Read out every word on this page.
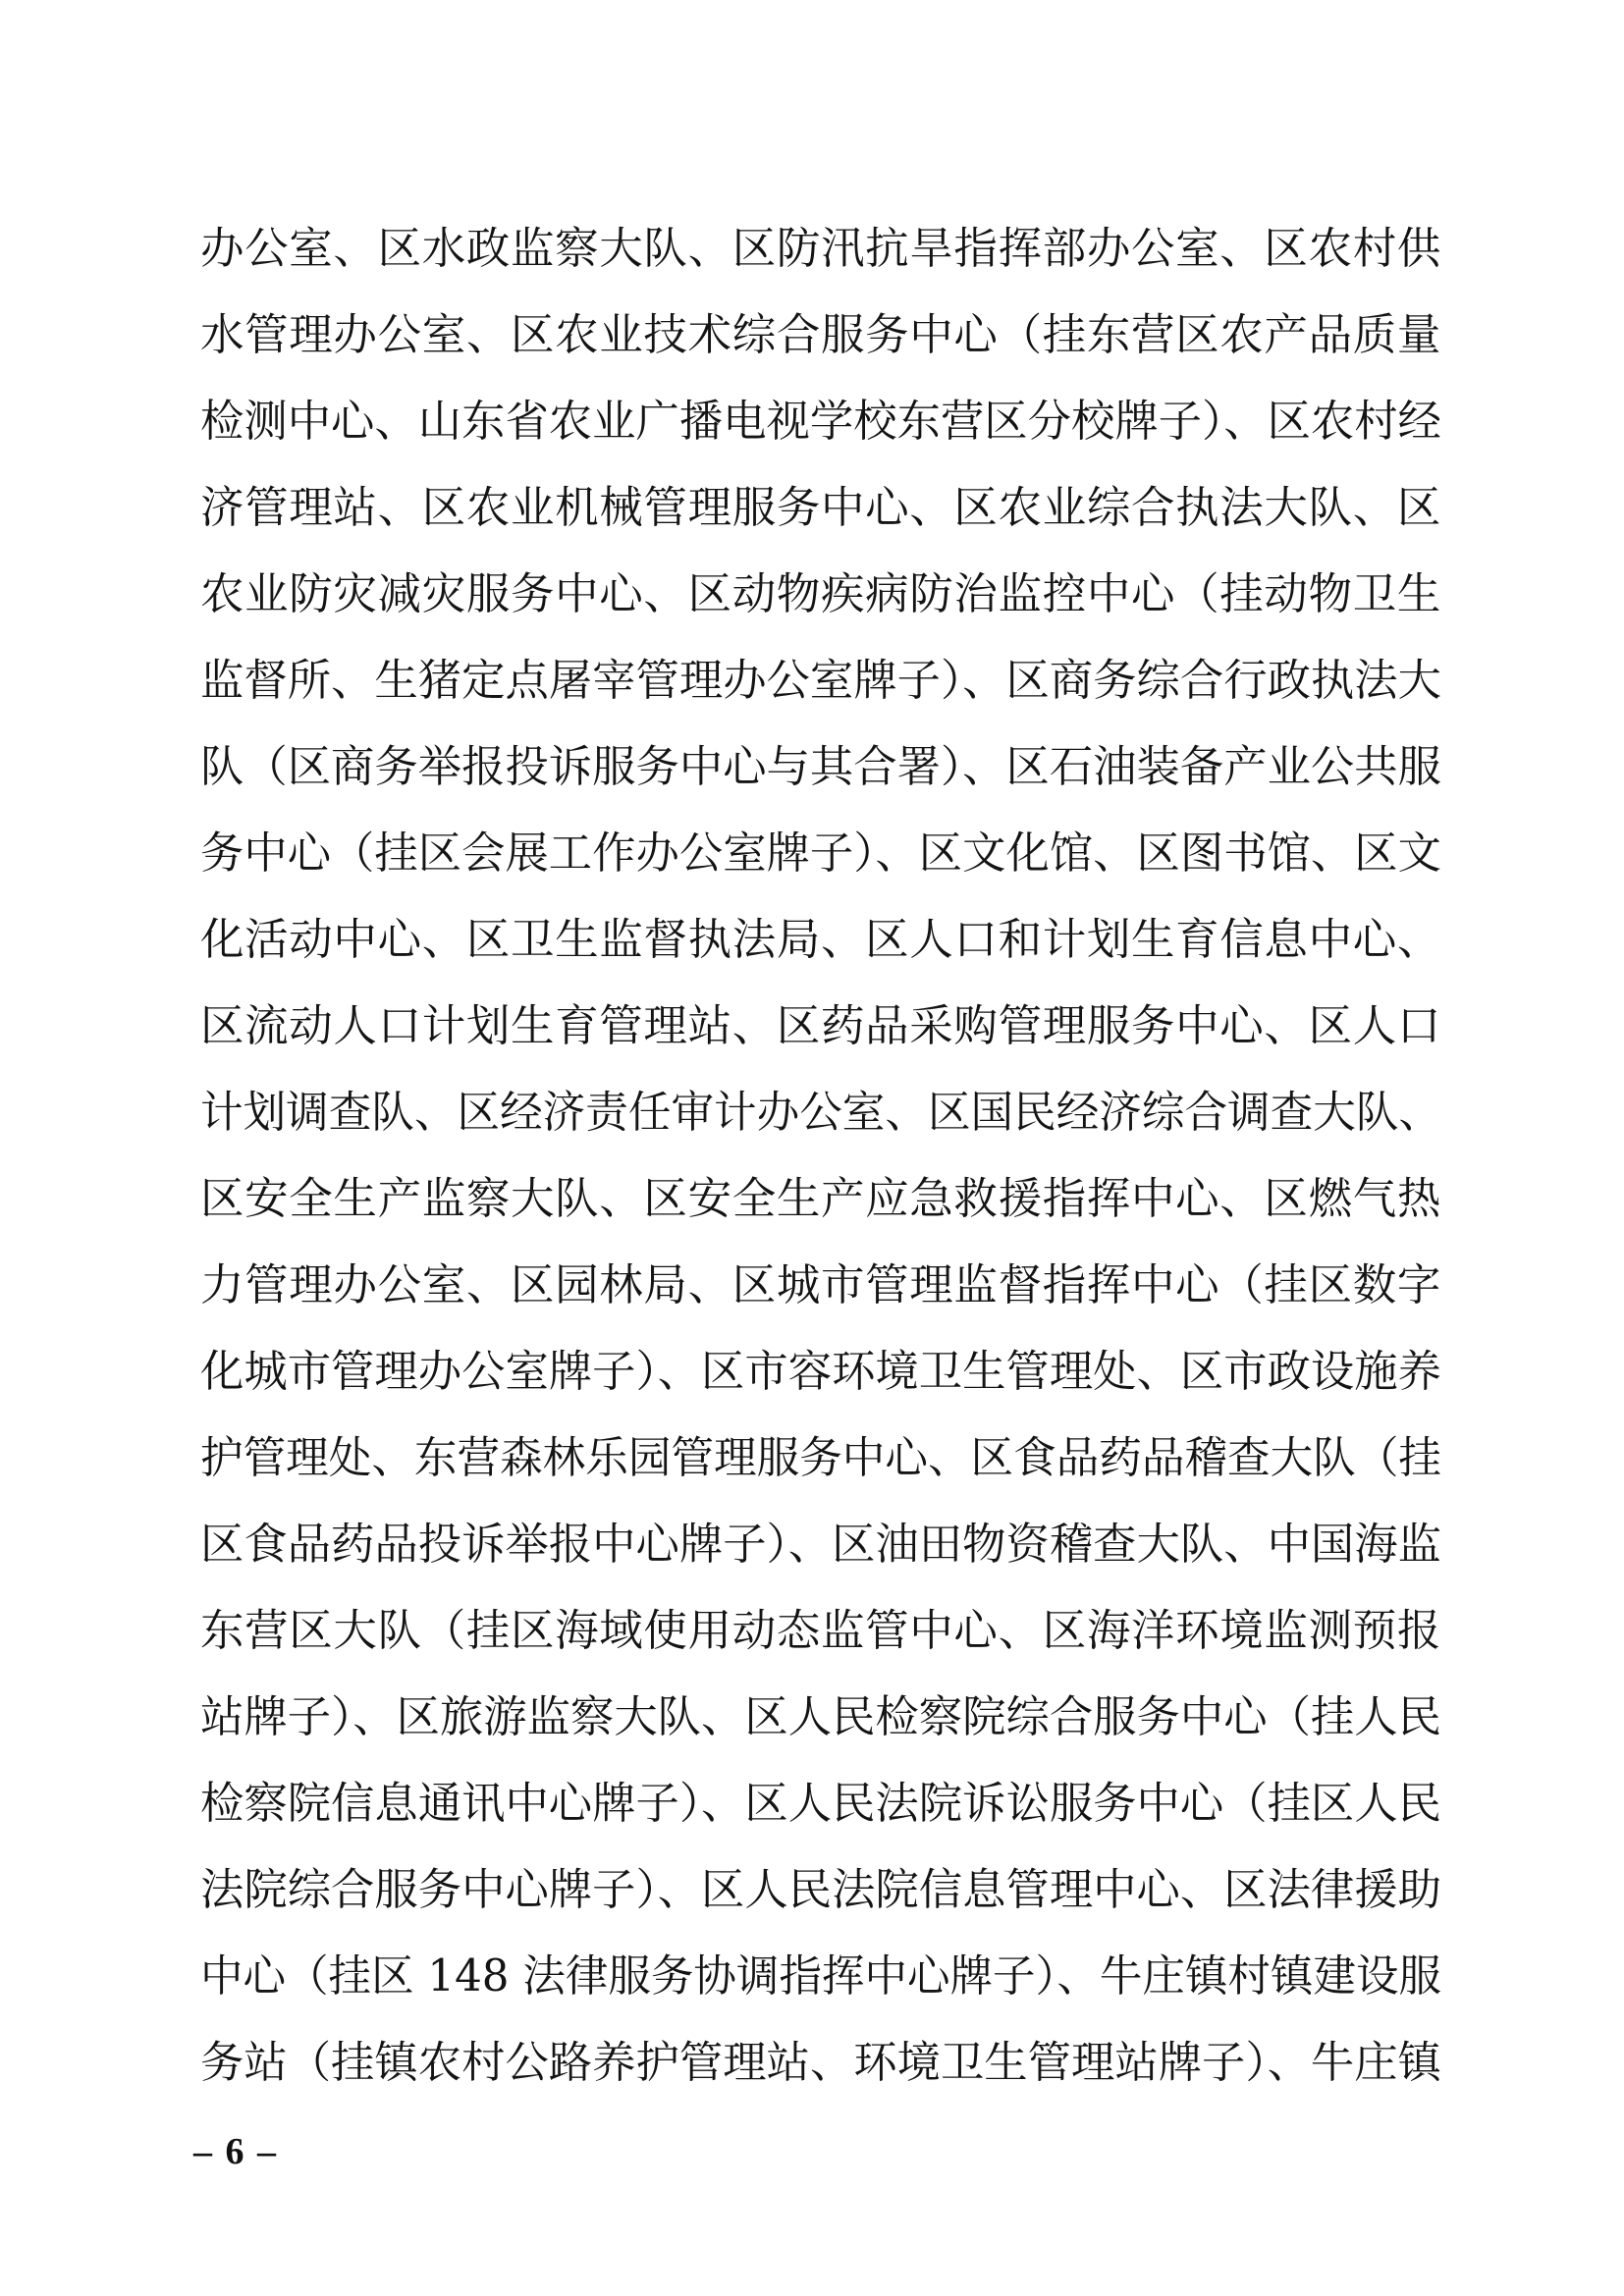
办公室、区水政监察大队、区防汛抗旱指挥部办公室、区农村供
水管理办公室、区农业技术综合服务中心（挂东营区农产品质量
检测中心、山东省农业广播电视学校东营区分校牌子）、区农村经
济管理站、区农业机械管理服务中心、区农业综合执法大队、区
农业防灾减灾服务中心、区动物疾病防治监控中心（挂动物卫生
监督所、生猪定点屠宰管理办公室牌子）、区商务综合行政执法大
队（区商务举报投诉服务中心与其合署）、区石油装备产业公共服
务中心（挂区会展工作办公室牌子）、区文化馆、区图书馆、区文
化活动中心、区卫生监督执法局、区人口和计划生育信息中心、
区流动人口计划生育管理站、区药品采购管理服务中心、区人口
计划调查队、区经济责任审计办公室、区国民经济综合调查大队、
区安全生产监察大队、区安全生产应急救援指挥中心、区燃气热
力管理办公室、区园林局、区城市管理监督指挥中心（挂区数字
化城市管理办公室牌子）、区市容环境卫生管理处、区市政设施养
护管理处、东营森林乐园管理服务中心、区食品药品稽查大队（挂
区食品药品投诉举报中心牌子）、区油田物资稽查大队、中国海监
东营区大队（挂区海域使用动态监管中心、区海洋环境监测预报
站牌子）、区旅游监察大队、区人民检察院综合服务中心（挂人民
检察院信息通讯中心牌子）、区人民法院诉讼服务中心（挂区人民
法院综合服务中心牌子）、区人民法院信息管理中心、区法律援助
中心（挂区 148 法律服务协调指挥中心牌子）、牛庄镇村镇建设服
务站（挂镇农村公路养护管理站、环境卫生管理站牌子）、牛庄镇
– 6 –
